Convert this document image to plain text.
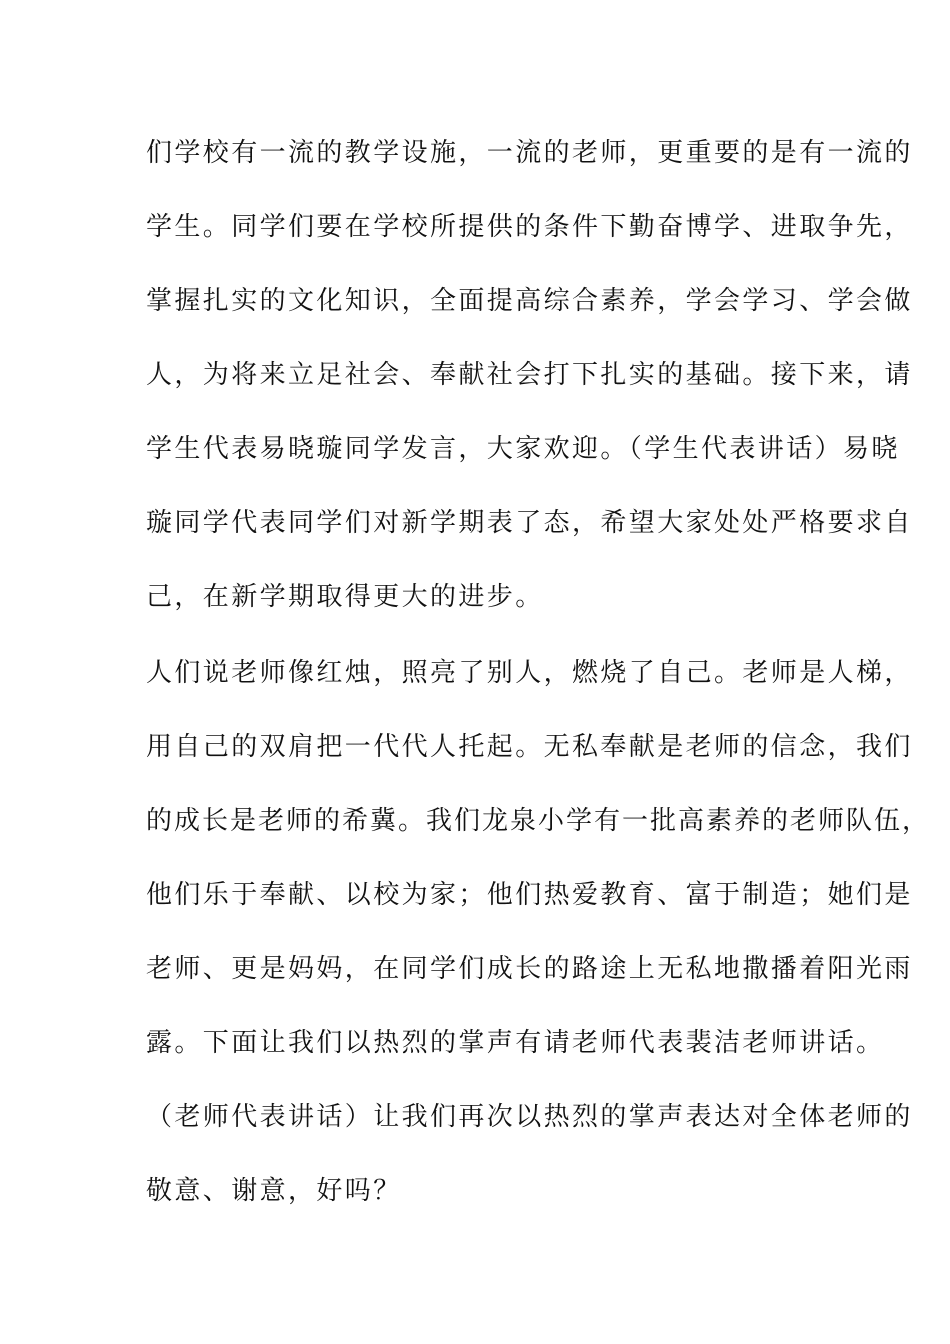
们学校有一流的教学设施，一流的老师，更重要的是有一流的
学生。同学们要在学校所提供的条件下勤奋博学、进取争先，
掌握扎实的文化知识，全面提高综合素养，学会学习、学会做
人，为将来立足社会、奉献社会打下扎实的基础。接下来，请
学生代表易晓璇同学发言，大家欢迎。（学生代表讲话）易晓
璇同学代表同学们对新学期表了态，希望大家处处严格要求自
己，在新学期取得更大的进步。
人们说老师像红烛，照亮了别人，燃烧了自己。老师是人梯，
用自己的双肩把一代代人托起。无私奉献是老师的信念，我们
的成长是老师的希冀。我们龙泉小学有一批高素养的老师队伍，
他们乐于奉献、以校为家；他们热爱教育、富于制造；她们是
老师、更是妈妈，在同学们成长的路途上无私地撒播着阳光雨
露。下面让我们以热烈的掌声有请老师代表裴洁老师讲话。
（老师代表讲话）让我们再次以热烈的掌声表达对全体老师的
敬意、谢意，好吗？
